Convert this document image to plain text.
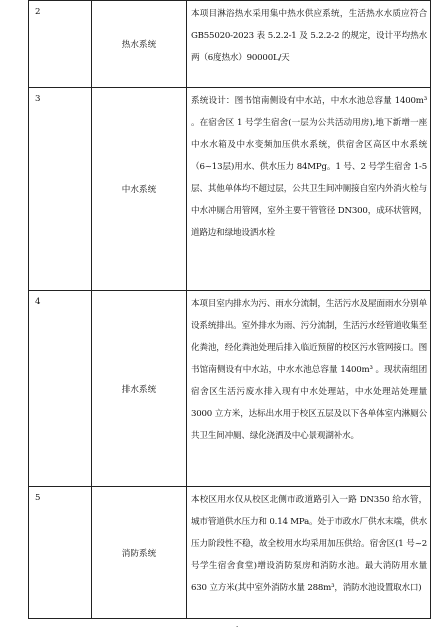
2	热水系统	本项目淋浴热水采用集中热水供应系统，生活热水水质应符合GB55020-2023 表 5.2.2-1 及 5.2.2-2 的规定，设计平均热水两（6度热水）90000L/天
3	中水系统	系统设计：图书馆南侧设有中水站，中水水池总容量 1400m³ 。在宿舍区 1 号学生宿舍(一层为公共活动用房),地下新增一座中水水箱及中水变频加压供水系统，供宿舍区高区中水系统（6~13层)用水、供水压力 84MPg。1 号、2 号学生宿舍 1-5 层、其他单体均不超过层，公共卫生间冲厕接自室内外消火栓与中水冲厕合用管网，室外主要干管管径 DN300，成环状管网，道路边和绿地设洒水栓
4	排水系统	本项目室内排水为污、雨水分流制，生活污水及屋面雨水分别单设系统排出。室外排水为雨、污分流制，生活污水经管道收集至化粪池，经化粪池处理后排入临近预留的校区污水管网接口。图书馆南侧设有中水站，中水水池总容量 1400m³ 。现状南组团宿舍区生活污废水排入现有中水处理站，中水处理站处理量3000 立方米，达标出水用于校区五层及以下各单体室内淋厕公共卫生间冲厕、绿化浇洒及中心景观湖补水。
5	消防系统	本校区用水仅从校区北侧市政道路引入一路 DN350 给水管，城市管道供水压力和 0.14 MPa。处于市政水厂供水末端，供水压力阶段性不稳，故全校用水均采用加压供给。宿舍区(1 号~2 号学生宿舍食堂)增设消防泵房和消防水池。最大消防用水量 630 立方米(其中室外消防水量 288m³，消防水池设置取水口)
·
